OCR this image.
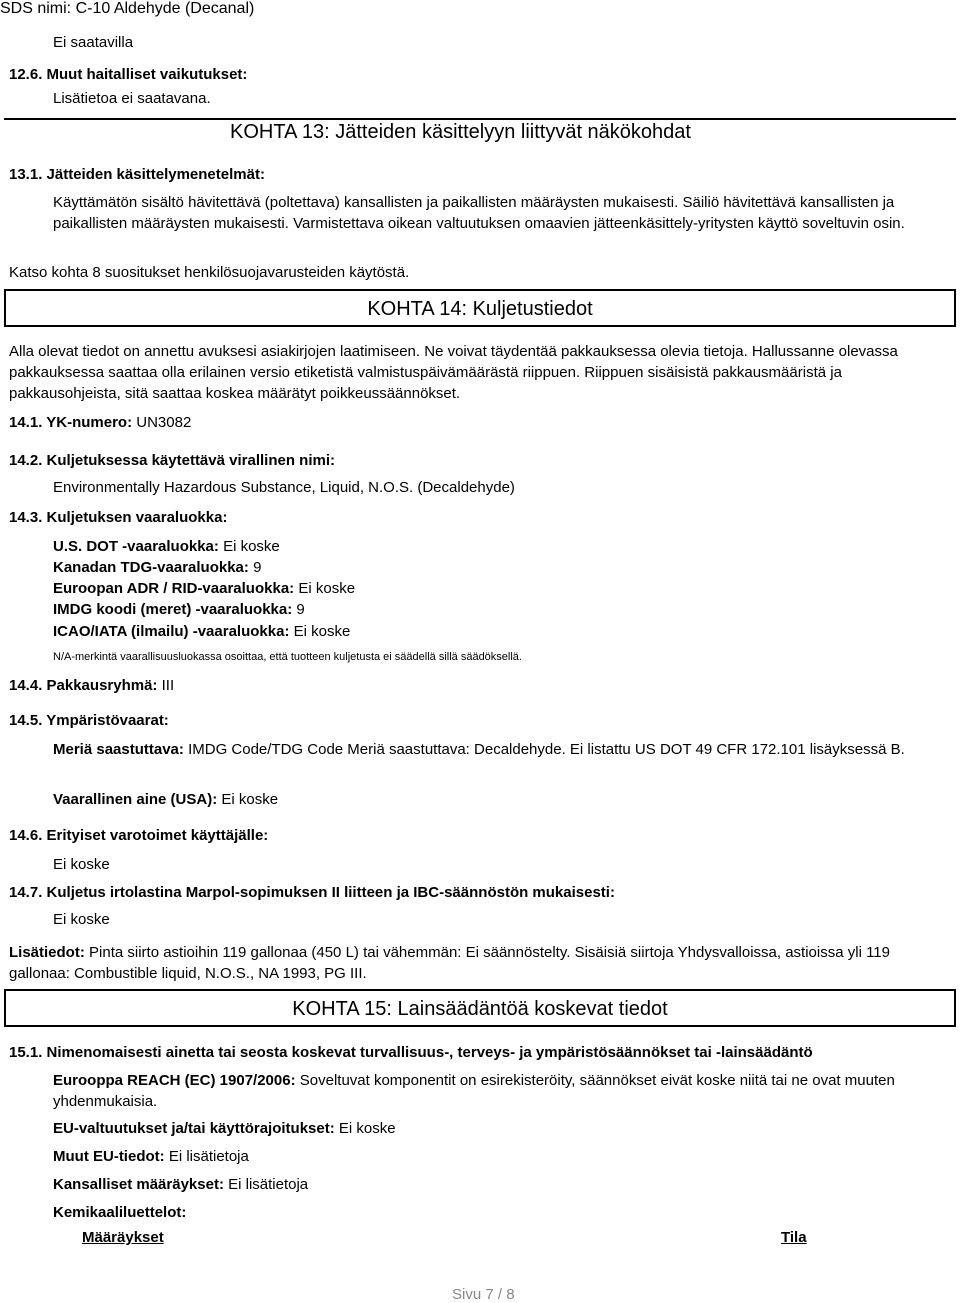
SDS nimi: C-10 Aldehyde (Decanal)
Ei saatavilla
12.6. Muut haitalliset vaikutukset:
Lisätietoa ei saatavana.
KOHTA 13: Jätteiden käsittelyyn liittyvät näkökohdat
13.1. Jätteiden käsittelymenetelmät:
Käyttämätön sisältö hävitettävä (poltettava) kansallisten ja paikallisten määräysten mukaisesti. Säiliö hävitettävä kansallisten ja paikallisten määräysten mukaisesti. Varmistettava oikean valtuutuksen omaavien jätteenkäsittely-yritysten käyttö soveltuvin osin.
Katso kohta 8 suositukset henkilösuojavarusteiden käytöstä.
KOHTA 14: Kuljetustiedot
Alla olevat tiedot on annettu avuksesi asiakirjojen laatimiseen. Ne voivat täydentää pakkauksessa olevia tietoja. Hallussanne olevassa pakkauksessa saattaa olla erilainen versio etiketistä valmistuspäivämäärästä riippuen. Riippuen sisäisistä pakkausmääristä ja pakkausohjeista, sitä saattaa koskea määrätyt poikkeussäännökset.
14.1. YK-numero: UN3082
14.2. Kuljetuksessa käytettävä virallinen nimi:
Environmentally Hazardous Substance, Liquid, N.O.S. (Decaldehyde)
14.3. Kuljetuksen vaaraluokka:
U.S. DOT -vaaraluokka: Ei koske
Kanadan TDG-vaaraluokka: 9
Euroopan ADR / RID-vaaraluokka: Ei koske
IMDG koodi (meret) -vaaraluokka: 9
ICAO/IATA (ilmailu) -vaaraluokka: Ei koske
N/A-merkintä vaarallisuusluokassa osoittaa, että tuotteen kuljetusta ei säädellä sillä säädöksellä.
14.4. Pakkausryhmä: III
14.5. Ympäristövaarat:
Meriä saastuttava: IMDG Code/TDG Code Meriä saastuttava: Decaldehyde. Ei listattu US DOT 49 CFR 172.101 lisäyksessä B.
Vaarallinen aine (USA): Ei koske
14.6. Erityiset varotoimet käyttäjälle:
Ei koske
14.7. Kuljetus irtolastina Marpol-sopimuksen II liitteen ja IBC-säännöstön mukaisesti:
Ei koske
Lisätiedot: Pinta siirto astioihin 119 gallonaa (450 L) tai vähemmän: Ei säännöstelty. Sisäisiä siirtoja Yhdysvalloissa, astioissa yli 119 gallonaa: Combustible liquid, N.O.S., NA 1993, PG III.
KOHTA 15: Lainsäädäntöä koskevat tiedot
15.1. Nimenomaisesti ainetta tai seosta koskevat turvallisuus-, terveys- ja ympäristösäännökset tai -lainsäädäntö
Eurooppa REACH (EC) 1907/2006: Soveltuvat komponentit on esirekisteröity, säännökset eivät koske niitä tai ne ovat muuten yhdenmukaisia.
EU-valtuutukset ja/tai käyttörajoitukset: Ei koske
Muut EU-tiedot: Ei lisätietoja
Kansalliset määräykset: Ei lisätietoja
Kemikaaliluettelot:
Määräykset	Tila
Sivu 7 / 8
